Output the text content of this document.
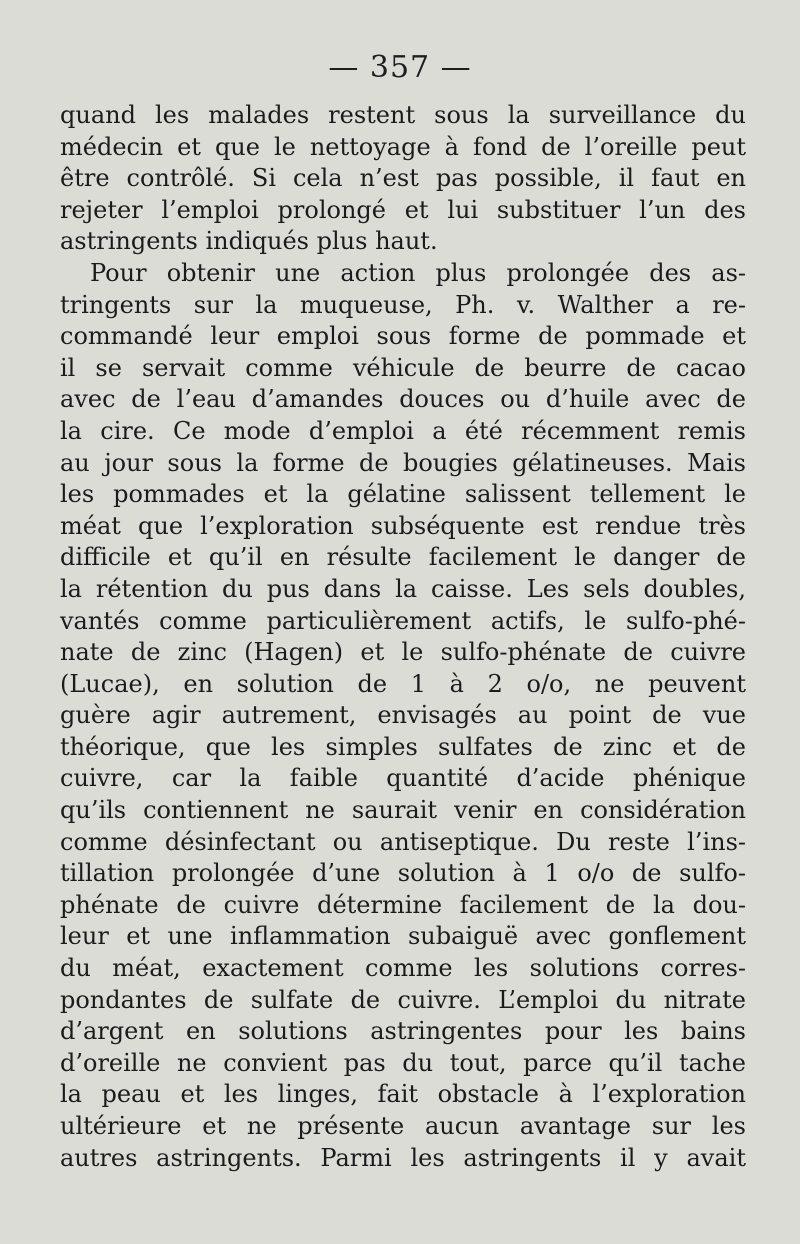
— 357 —
quand les malades restent sous la surveillance du
médecin et que le nettoyage à fond de l’oreille peut
être contrôlé. Si cela n’est pas possible, il faut en
rejeter l’emploi prolongé et lui substituer l’un des
astringents indiqués plus haut.
Pour obtenir une action plus prolongée des as-
tringents sur la muqueuse, Ph. v. Walther a re-
commandé leur emploi sous forme de pommade et
il se servait comme véhicule de beurre de cacao
avec de l’eau d’amandes douces ou d’huile avec de
la cire. Ce mode d’emploi a été récemment remis
au jour sous la forme de bougies gélatineuses. Mais
les pommades et la gélatine salissent tellement le
méat que l’exploration subséquente est rendue très
difficile et qu’il en résulte facilement le danger de
la rétention du pus dans la caisse. Les sels doubles,
vantés comme particulièrement actifs, le sulfo-phé-
nate de zinc (Hagen) et le sulfo-phénate de cuivre
(Lucae), en solution de 1 à 2 o/o, ne peuvent
guère agir autrement, envisagés au point de vue
théorique, que les simples sulfates de zinc et de
cuivre, car la faible quantité d’acide phénique
qu’ils contiennent ne saurait venir en considération
comme désinfectant ou antiseptique. Du reste l’ins-
tillation prolongée d’une solution à 1 o/o de sulfo-
phénate de cuivre détermine facilement de la dou-
leur et une inflammation subaiguë avec gonflement
du méat, exactement comme les solutions corres-
pondantes de sulfate de cuivre. L’emploi du nitrate
d’argent en solutions astringentes pour les bains
d’oreille ne convient pas du tout, parce qu’il tache
la peau et les linges, fait obstacle à l’exploration
ultérieure et ne présente aucun avantage sur les
autres astringents. Parmi les astringents il y avait
